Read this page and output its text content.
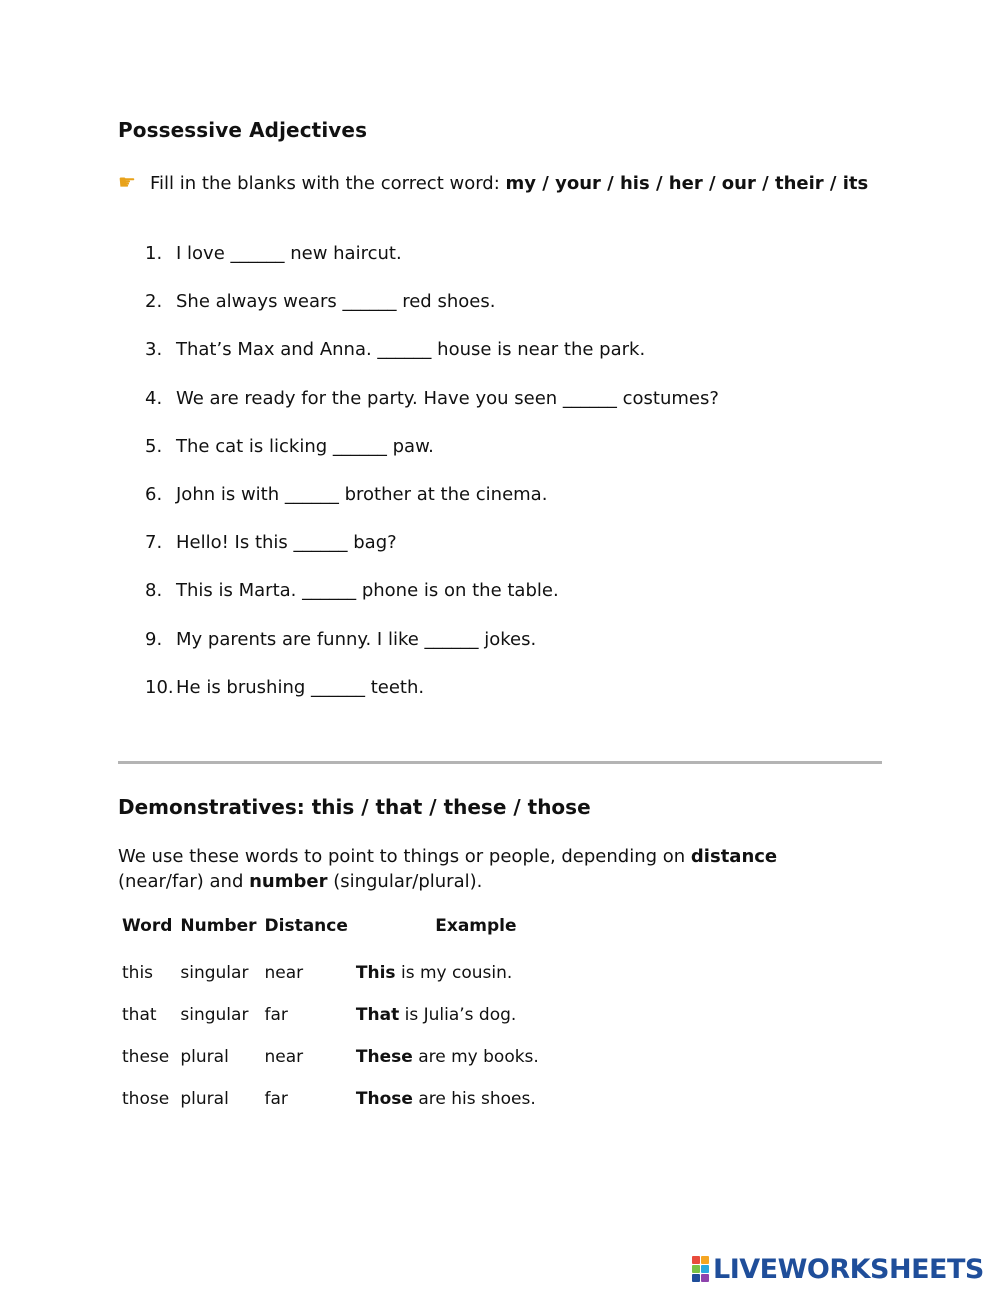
Possessive Adjectives
☛ Fill in the blanks with the correct word: my / your / his / her / our / their / its
1. I love ______ new haircut.
2. She always wears ______ red shoes.
3. That’s Max and Anna. ______ house is near the park.
4. We are ready for the party. Have you seen ______ costumes?
5. The cat is licking ______ paw.
6. John is with ______ brother at the cinema.
7. Hello! Is this ______ bag?
8. This is Marta. ______ phone is on the table.
9. My parents are funny. I like ______ jokes.
10. He is brushing ______ teeth.
Demonstratives: this / that / these / those
We use these words to point to things or people, depending on distance (near/far) and number (singular/plural).
Word	Number	Distance	Example
this	singular	near	This is my cousin.
that	singular	far	That is Julia’s dog.
these	plural	near	These are my books.
those	plural	far	Those are his shoes.
LIVEWORKSHEETS
